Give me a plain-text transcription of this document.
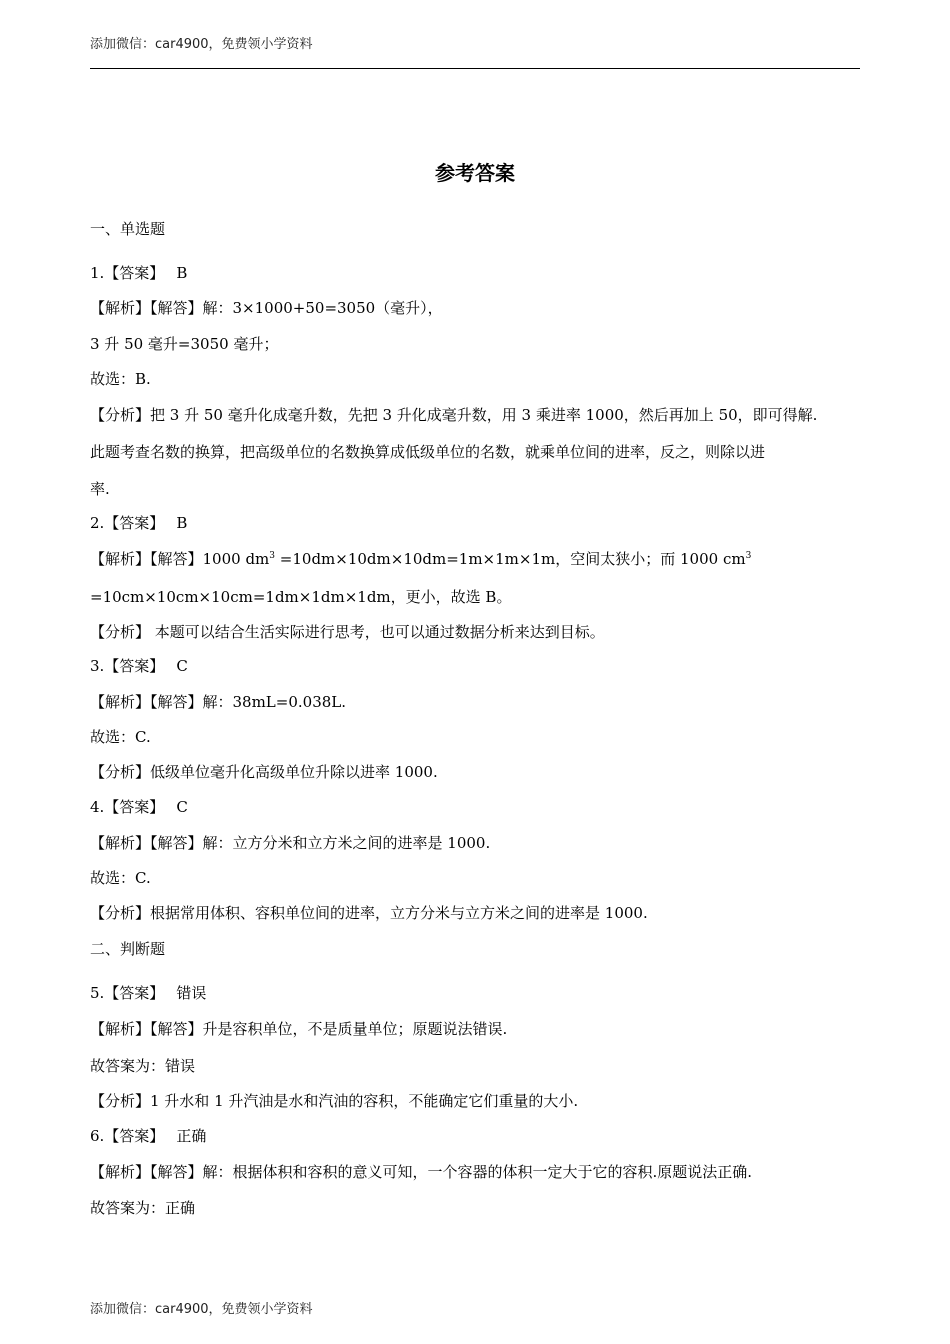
添加微信：car4900，免费领小学资料
参考答案
一、单选题
1.【答案】 B
【解析】【解答】解：3×1000+50=3050（毫升），
3 升 50 毫升=3050 毫升；
故选：B.
【分析】把 3 升 50 毫升化成毫升数，先把 3 升化成毫升数，用 3 乘进率 1000，然后再加上 50，即可得解.
此题考查名数的换算，把高级单位的名数换算成低级单位的名数，就乘单位间的进率，反之，则除以进
率.
2.【答案】 B
【解析】【解答】1000 $dm^3 =10dm\times 10dm\times 10dm=1m\times 1m\times 1m$，空间太狭小；而 1000 $cm^3$
=10cm×10cm×10cm=1dm×1dm×1dm，更小，故选 B。
【分析】 本题可以结合生活实际进行思考，也可以通过数据分析来达到目标。
3.【答案】 C
【解析】【解答】解：38mL=0.038L.
故选：C.
【分析】低级单位毫升化高级单位升除以进率 1000.
4.【答案】 C
【解析】【解答】解：立方分米和立方米之间的进率是 1000.
故选：C.
【分析】根据常用体积、容积单位间的进率，立方分米与立方米之间的进率是 1000.
二、判断题
5.【答案】 错误
【解析】【解答】升是容积单位，不是质量单位；原题说法错误.
故答案为：错误
【分析】1 升水和 1 升汽油是水和汽油的容积，不能确定它们重量的大小.
6.【答案】 正确
【解析】【解答】解：根据体积和容积的意义可知，一个容器的体积一定大于它的容积.原题说法正确.
故答案为：正确
添加微信：car4900，免费领小学资料
